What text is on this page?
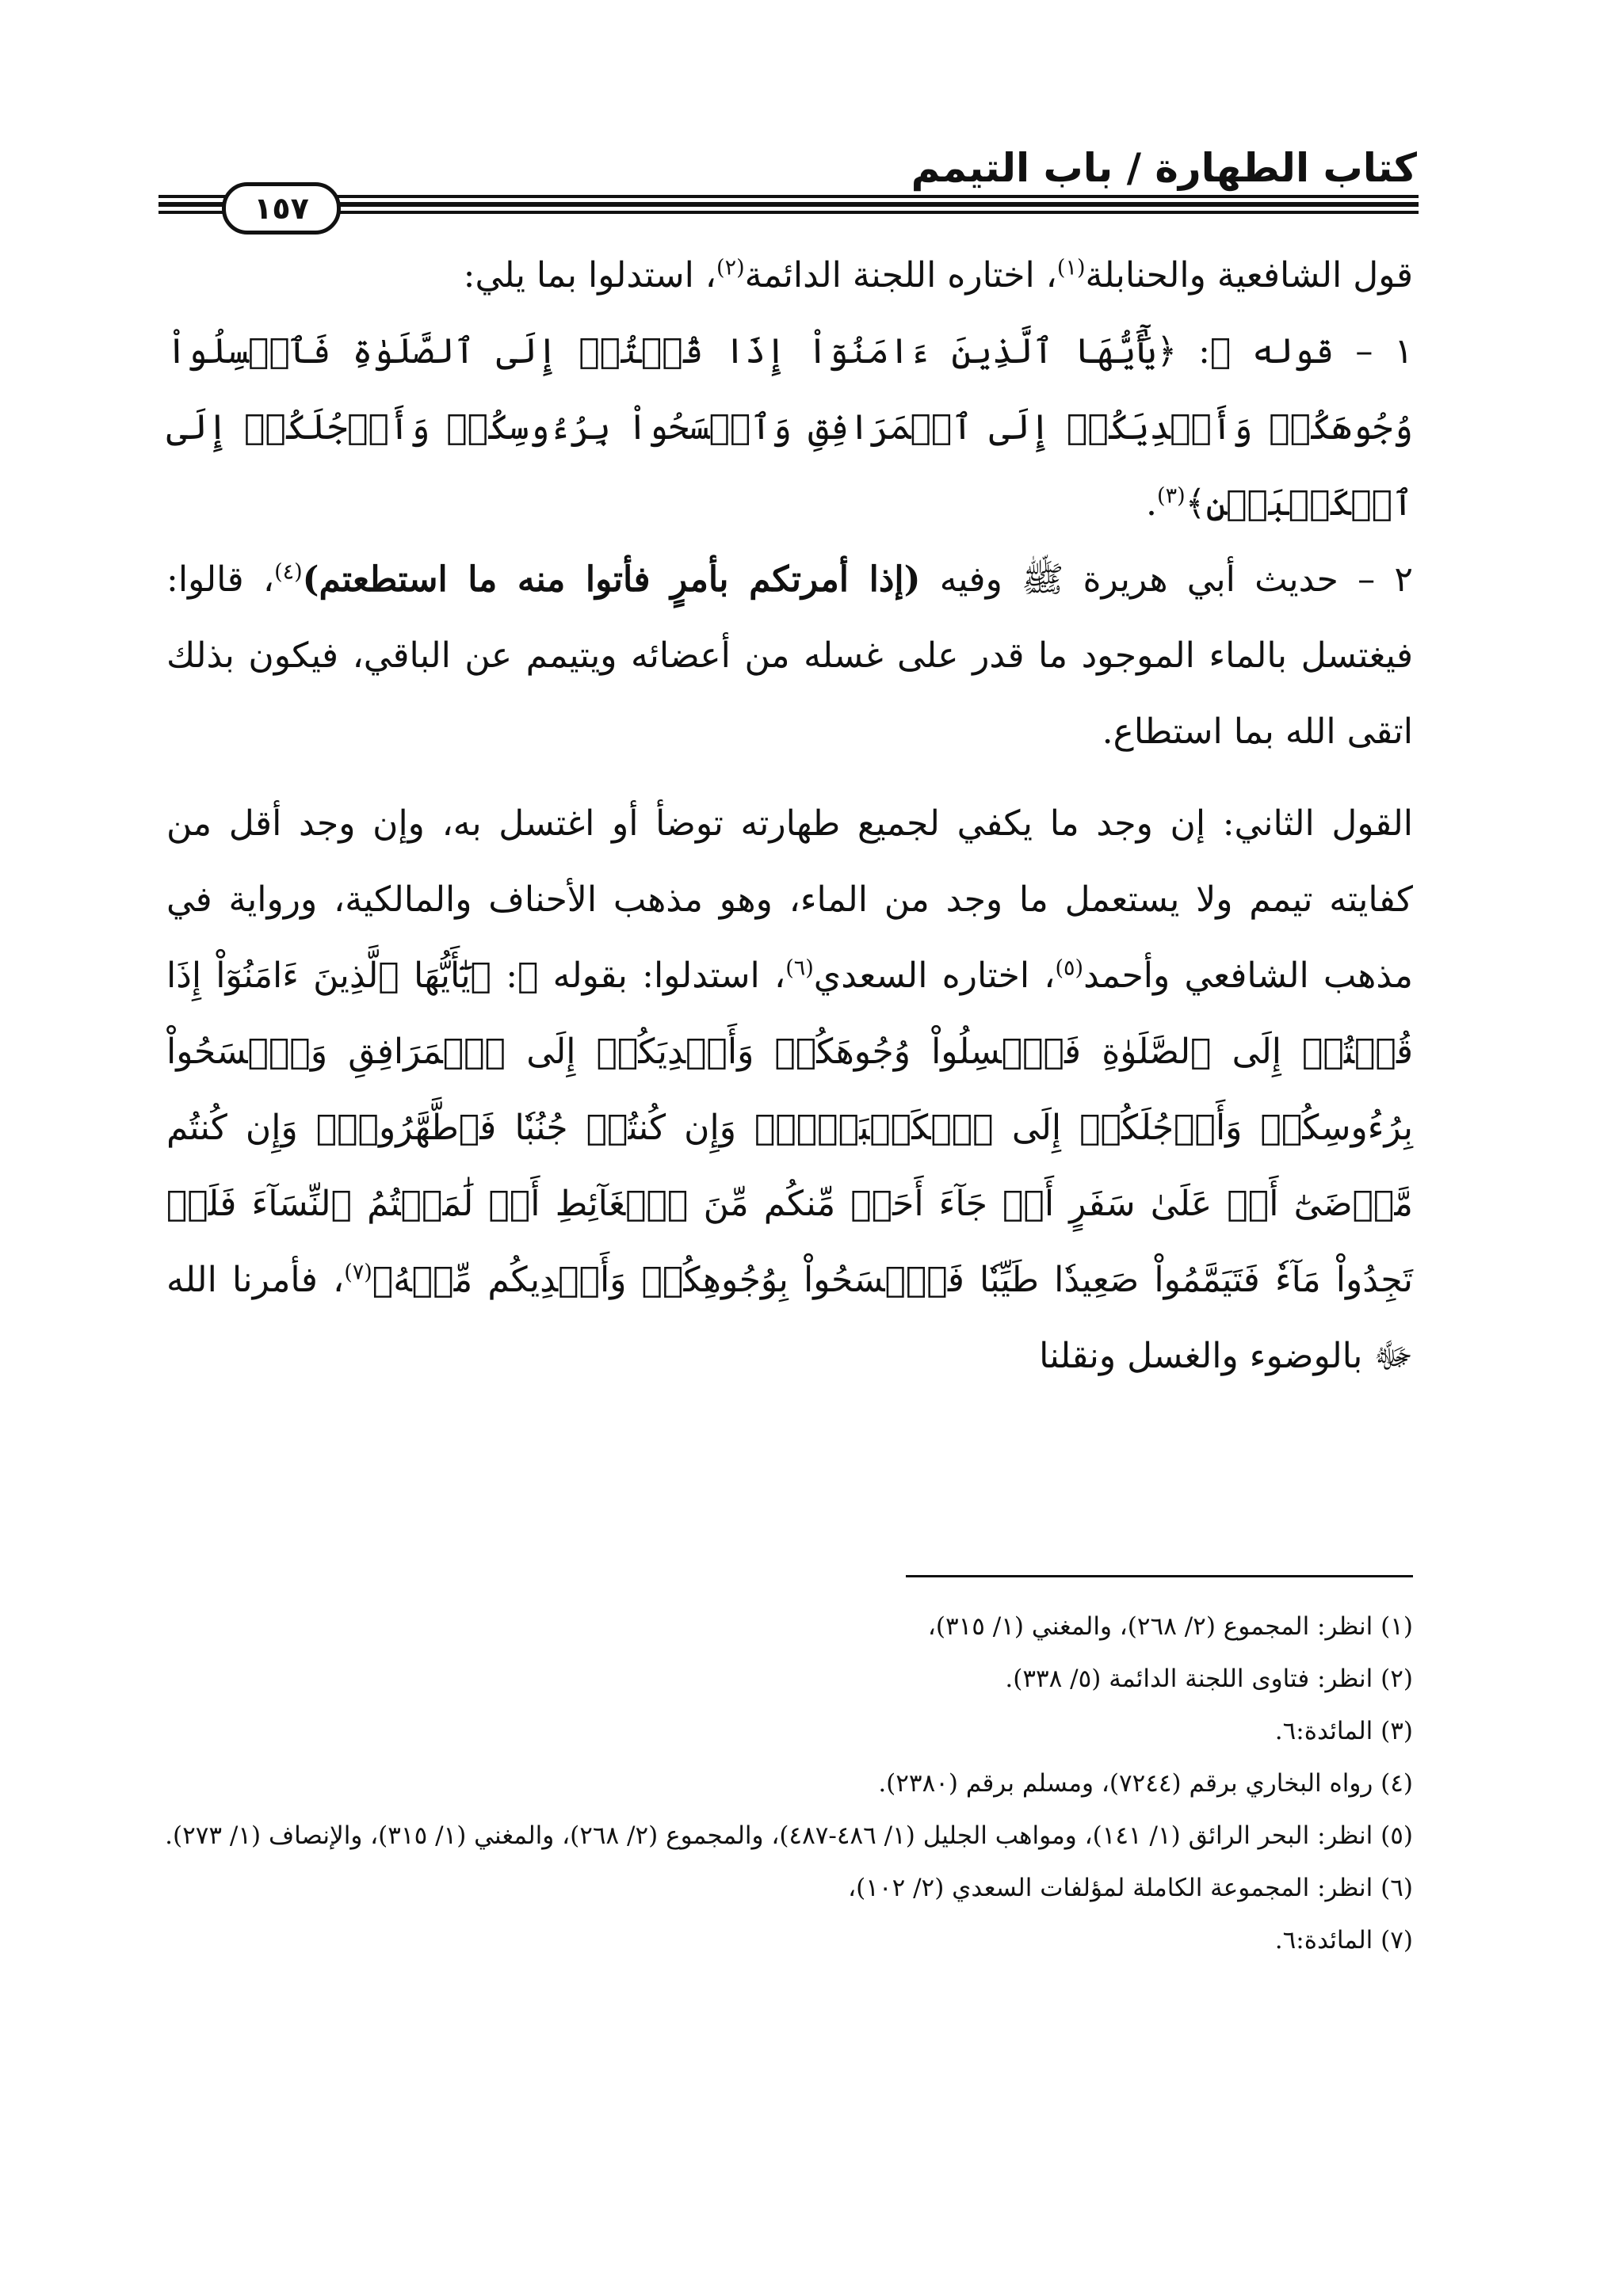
كتاب الطهارة / باب التيمم
١٥٧

قول الشافعية والحنابلة$^{(١)}$، اختاره اللجنة الدائمة$^{(٢)}$، استدلوا بما يلي:

١ – قوله ﷻ: ﴿يَٰٓأَيُّهَا ٱلَّذِينَ ءَامَنُوٓاْ إِذَا قُمۡتُمۡ إِلَى ٱلصَّلَوٰةِ فَٱغۡسِلُواْ وُجُوهَكُمۡ وَأَيۡدِيَكُمۡ إِلَى ٱلۡمَرَافِقِ وَٱمۡسَحُواْ بِرُءُوسِكُمۡ وَأَرۡجُلَكُمۡ إِلَى ٱلۡكَعۡبَيۡنِ﴾$^{(٣)}$.

٢ – حديث أبي هريرة ﷺ وفيه (إذا أمرتكم بأمرٍ فأتوا منه ما استطعتم)$^{(٤)}$، قالوا: فيغتسل بالماء الموجود ما قدر على غسله من أعضائه ويتيمم عن الباقي، فيكون بذلك اتقى الله بما استطاع.

القول الثاني: إن وجد ما يكفي لجميع طهارته توضأ أو اغتسل به، وإن وجد أقل من كفايته تيمم ولا يستعمل ما وجد من الماء، وهو مذهب الأحناف والمالكية، ورواية في مذهب الشافعي وأحمد$^{(٥)}$، اختاره السعدي$^{(٦)}$، استدلوا: بقوله ﷻ: ﴿يَٰٓأَيُّهَا ٱلَّذِينَ ءَامَنُوٓاْ إِذَا قُمۡتُمۡ إِلَى ٱلصَّلَوٰةِ فَٱغۡسِلُواْ وُجُوهَكُمۡ وَأَيۡدِيَكُمۡ إِلَى ٱلۡمَرَافِقِ وَٱمۡسَحُواْ بِرُءُوسِكُمۡ وَأَرۡجُلَكُمۡ إِلَى ٱلۡكَعۡبَيۡنِۚ وَإِن كُنتُمۡ جُنُبٗا فَٱطَّهَّرُواْۚ وَإِن كُنتُم مَّرۡضَىٰٓ أَوۡ عَلَىٰ سَفَرٍ أَوۡ جَآءَ أَحَدٞ مِّنكُم مِّنَ ٱلۡغَآئِطِ أَوۡ لَٰمَسۡتُمُ ٱلنِّسَآءَ فَلَمۡ تَجِدُواْ مَآءٗ فَتَيَمَّمُواْ صَعِيدٗا طَيِّبٗا فَٱمۡسَحُواْ بِوُجُوهِكُمۡ وَأَيۡدِيكُم مِّنۡهُ﴾$^{(٧)}$، فأمرنا الله ﷻ بالوضوء والغسل ونقلنا

(١) انظر: المجموع (٢/ ٢٦٨)، والمغني (١/ ٣١٥)،

(٢) انظر: فتاوى اللجنة الدائمة (٥/ ٣٣٨).

(٣) المائدة:٦.

(٤) رواه البخاري برقم (٧٢٤٤)، ومسلم برقم (٢٣٨٠).

(٥) انظر: البحر الرائق (١/ ١٤١)، ومواهب الجليل (١/ ٤٨٦-٤٨٧)، والمجموع (٢/ ٢٦٨)، والمغني (١/ ٣١٥)، والإنصاف (١/ ٢٧٣).

(٦) انظر: المجموعة الكاملة لمؤلفات السعدي (٢/ ١٠٢)،

(٧) المائدة:٦.
